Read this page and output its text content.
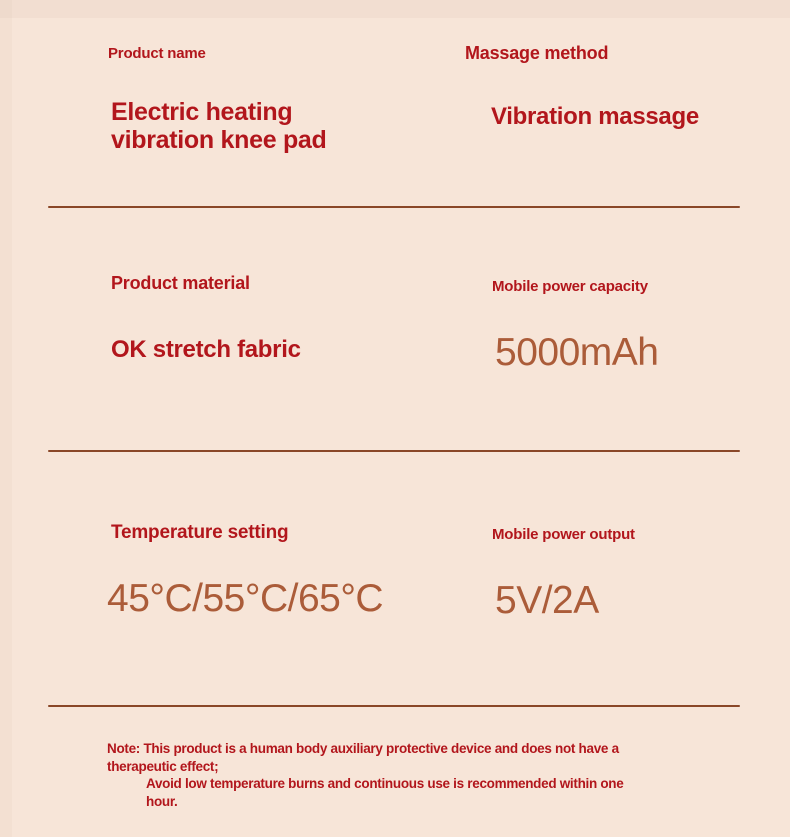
Product name
Electric heating vibration knee pad
Massage method
Vibration massage
Product material
OK stretch fabric
Mobile power capacity
5000mAh
Temperature setting
45°C/55°C/65°C
Mobile power output
5V/2A
Note: This product is a human body auxiliary protective device and does not have a
therapeutic effect;
Avoid low temperature burns and continuous use is recommended within one
hour.
